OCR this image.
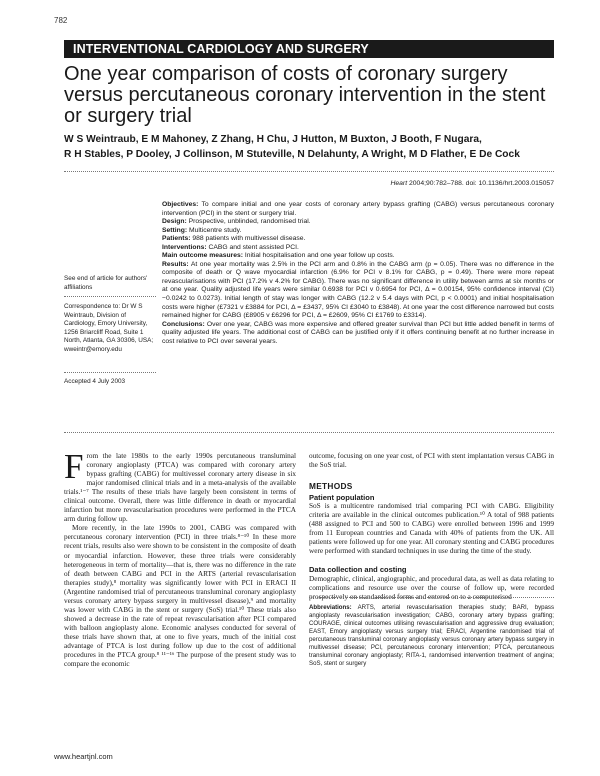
782
INTERVENTIONAL CARDIOLOGY AND SURGERY
One year comparison of costs of coronary surgery versus percutaneous coronary intervention in the stent or surgery trial
W S Weintraub, E M Mahoney, Z Zhang, H Chu, J Hutton, M Buxton, J Booth, F Nugara,
R H Stables, P Dooley, J Collinson, M Stuteville, N Delahunty, A Wright, M D Flather, E De Cock
Heart 2004;90:782–788. doi: 10.1136/hrt.2003.015057
See end of article for authors' affiliations
Correspondence to: Dr W S Weintraub, Division of Cardiology, Emory University, 1256 Briarcliff Road, Suite 1 North, Atlanta, GA 30306, USA; wweintr@emory.edu
Accepted 4 July 2003

Objectives: To compare initial and one year costs of coronary artery bypass grafting (CABG) versus percutaneous coronary intervention (PCI) in the stent or surgery trial.

Design: Prospective, unblinded, randomised trial.

Setting: Multicentre study.

Patients: 988 patients with multivessel disease.

Interventions: CABG and stent assisted PCI.

Main outcome measures: Initial hospitalisation and one year follow up costs.

Results: At one year mortality was 2.5% in the PCI arm and 0.8% in the CABG arm (p = 0.05). There was no difference in the composite of death or Q wave myocardial infarction (6.9% for PCI v 8.1% for CABG, p = 0.49). There were more repeat revascularisations with PCI (17.2% v 4.2% for CABG). There was no significant difference in utility between arms at six months or at one year. Quality adjusted life years were similar 0.6938 for PCI v 0.6954 for PCI, Δ = 0.00154, 95% confidence interval (CI) −0.0242 to 0.0273). Initial length of stay was longer with CABG (12.2 v 5.4 days with PCI, p < 0.0001) and initial hospitalisation costs were higher (£7321 v £3884 for PCI, Δ = £3437, 95% CI £3040 to £3848). At one year the cost difference narrowed but costs remained higher for CABG (£8905 v £6296 for PCI, Δ = £2609, 95% CI £1769 to £3314).

Conclusions: Over one year, CABG was more expensive and offered greater survival than PCI but little added benefit in terms of quality adjusted life years. The additional cost of CABG can be justified only if it offers continuing benefit at no further increase in cost relative to PCI over several years.

From the late 1980s to the early 1990s percutaneous transluminal coronary angioplasty (PTCA) was compared with coronary artery bypass grafting (CABG) for multivessel coronary artery disease in six major randomised clinical trials and in a meta-analysis of the available trials.¹⁻⁷ The results of these trials have largely been consistent in terms of clinical outcome. Overall, there was little difference in death or myocardial infarction but more revascularisation procedures were performed in the PTCA arm during follow up.

More recently, in the late 1990s to 2001, CABG was compared with percutaneous coronary intervention (PCI) in three trials.⁸⁻¹⁰ In these more recent trials, results also were shown to be consistent in the composite of death or myocardial infarction. However, these three trials were considerably heterogeneous in term of mortality—that is, there was no difference in the rate of death between CABG and PCI in the ARTS (arterial revascularisation therapies study),⁸ mortality was significantly lower with PCI in ERACI II (Argentine randomised trial of percutaneous transluminal coronary angioplasty versus coronary artery bypass surgery in multivessel disease),⁹ and mortality was lower with CABG in the stent or surgery (SoS) trial.¹⁰ These trials also showed a decrease in the rate of repeat revascularisation after PCI compared with balloon angioplasty alone. Economic analyses conducted for several of these trials have shown that, at one to five years, much of the initial cost advantage of PTCA is lost during follow up due to the cost of additional procedures in the PTCA group.⁸ ¹¹⁻¹⁶ The purpose of the present study was to compare the economic

outcome, focusing on one year cost, of PCI with stent implantation versus CABG in the SoS trial.

METHODS

Patient population

SoS is a multicentre randomised trial comparing PCI with CABG. Eligibility criteria are available in the clinical outcomes publication.¹⁰ A total of 988 patients (488 assigned to PCI and 500 to CABG) were enrolled between 1996 and 1999 from 11 European countries and Canada with 40% of patients from the UK. All patients were followed up for one year. All coronary stenting and CABG procedures were performed with standard techniques in use during the time of the study.

Data collection and costing

Demographic, clinical, angiographic, and procedural data, as well as data relating to complications and resource use over the course of follow up, were recorded prospectively on standardised forms and entered on to a computerised

Abbreviations: ARTS, arterial revascularisation therapies study; BARI, bypass angioplasty revascularisation investigation; CABG, coronary artery bypass grafting; COURAGE, clinical outcomes utilising revascularisation and aggressive drug evaluation; EAST, Emory angioplasty versus surgery trial; ERACI, Argentine randomised trial of percutaneous transluminal coronary angioplasty versus coronary artery bypass surgery in multivessel disease; PCI, percutaneous coronary intervention; PTCA, percutaneous transluminal coronary angioplasty; RITA-1, randomised intervention treatment of angina; SoS, stent or surgery
www.heartjnl.com
